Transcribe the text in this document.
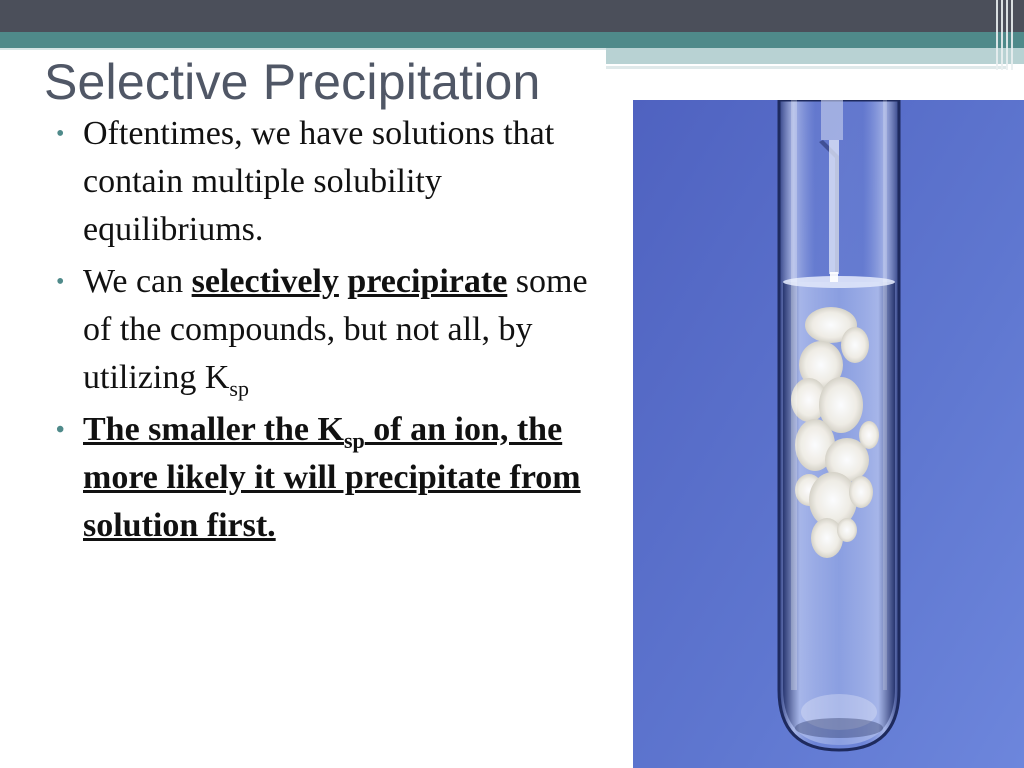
Selective Precipitation
• Oftentimes, we have solutions that contain multiple solubility equilibriums.
• We can selectively precipirate some of the compounds, but not all, by utilizing $K_{sp}$
• The smaller the $K_{sp}$ of an ion, the more likely it will precipitate from solution first.
